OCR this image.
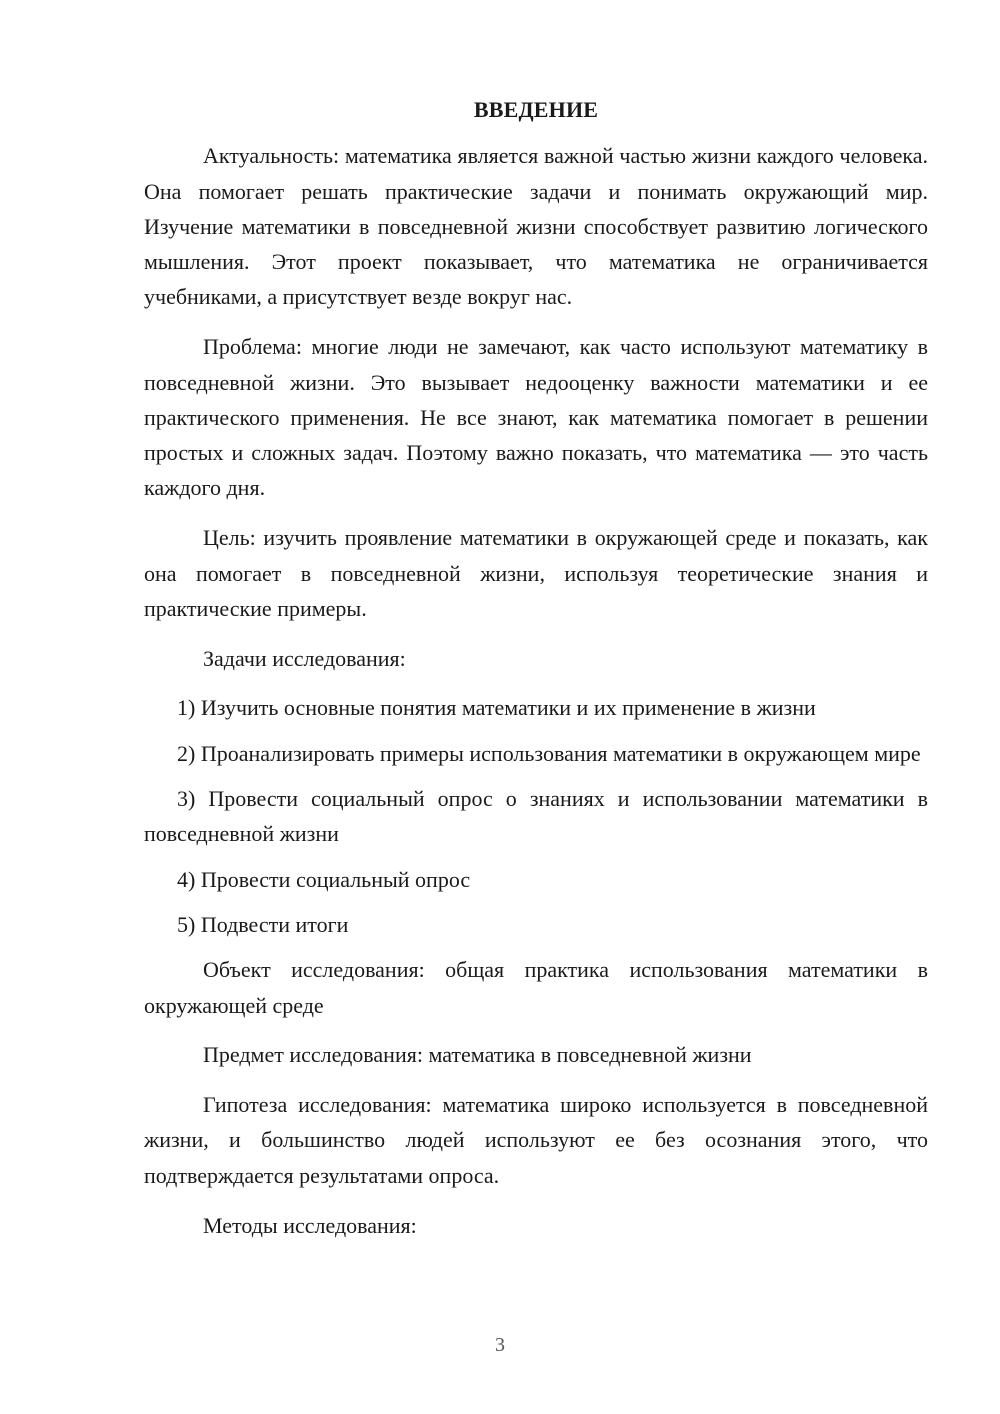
ВВЕДЕНИЕ
Актуальность: математика является важной частью жизни каждого человека. Она помогает решать практические задачи и понимать окружающий мир. Изучение математики в повседневной жизни способствует развитию логического мышления. Этот проект показывает, что математика не ограничивается учебниками, а присутствует везде вокруг нас.
Проблема: многие люди не замечают, как часто используют математику в повседневной жизни. Это вызывает недооценку важности математики и ее практического применения. Не все знают, как математика помогает в решении простых и сложных задач. Поэтому важно показать, что математика — это часть каждого дня.
Цель: изучить проявление математики в окружающей среде и показать, как она помогает в повседневной жизни, используя теоретические знания и практические примеры.
Задачи исследования:
1) Изучить основные понятия математики и их применение в жизни
2) Проанализировать примеры использования математики в окружающем мире
3) Провести социальный опрос о знаниях и использовании математики в повседневной жизни
4) Провести социальный опрос
5) Подвести итоги
Объект исследования: общая практика использования математики в окружающей среде
Предмет исследования: математика в повседневной жизни
Гипотеза исследования: математика широко используется в повседневной жизни, и большинство людей используют ее без осознания этого, что подтверждается результатами опроса.
Методы исследования:
3
